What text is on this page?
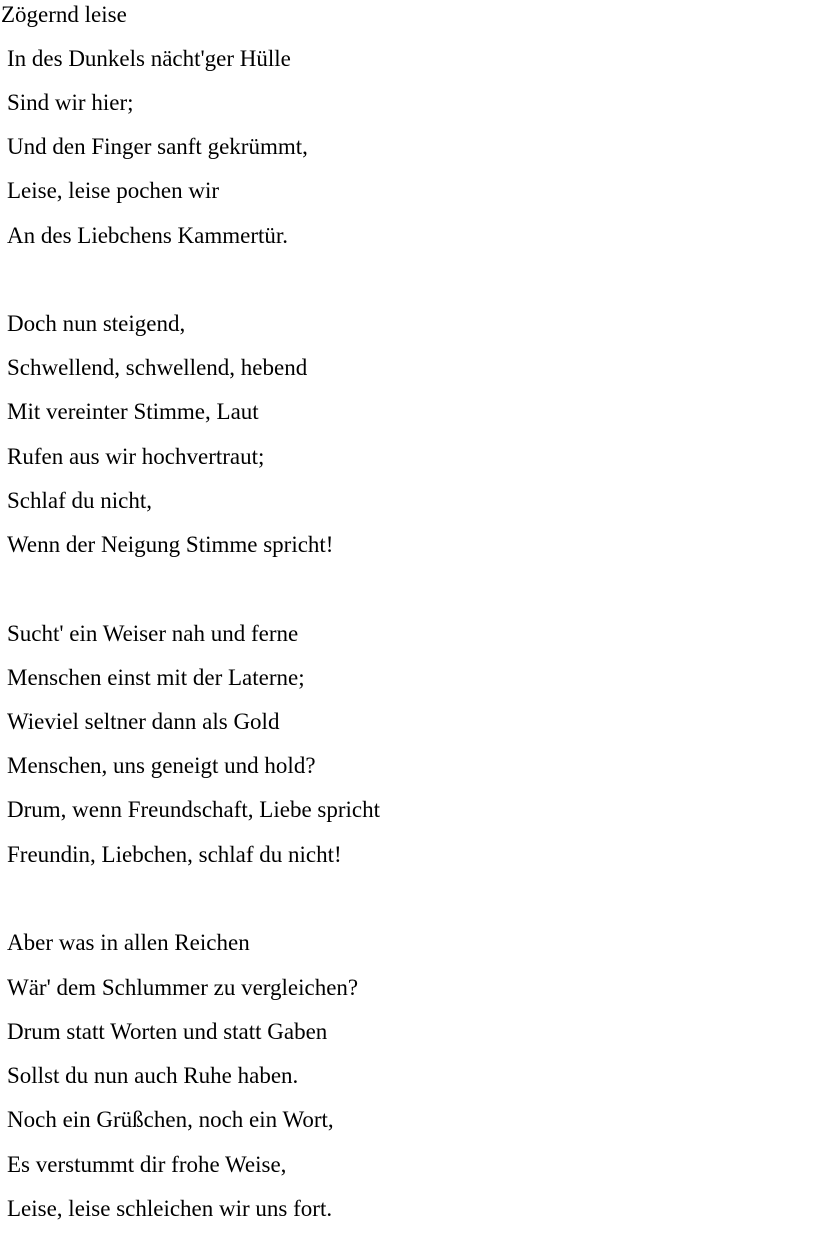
Zögernd leise
In des Dunkels nächt'ger Hülle
Sind wir hier;
Und den Finger sanft gekrümmt,
Leise, leise pochen wir
An des Liebchens Kammertür.
Doch nun steigend,
Schwellend, schwellend, hebend
Mit vereinter Stimme, Laut
Rufen aus wir hochvertraut;
Schlaf du nicht,
Wenn der Neigung Stimme spricht!
Sucht' ein Weiser nah und ferne
Menschen einst mit der Laterne;
Wieviel seltner dann als Gold
Menschen, uns geneigt und hold?
Drum, wenn Freundschaft, Liebe spricht
Freundin, Liebchen, schlaf du nicht!
Aber was in allen Reichen
Wär' dem Schlummer zu vergleichen?
Drum statt Worten und statt Gaben
Sollst du nun auch Ruhe haben.
Noch ein Grüßchen, noch ein Wort,
Es verstummt dir frohe Weise,
Leise, leise schleichen wir uns fort.
